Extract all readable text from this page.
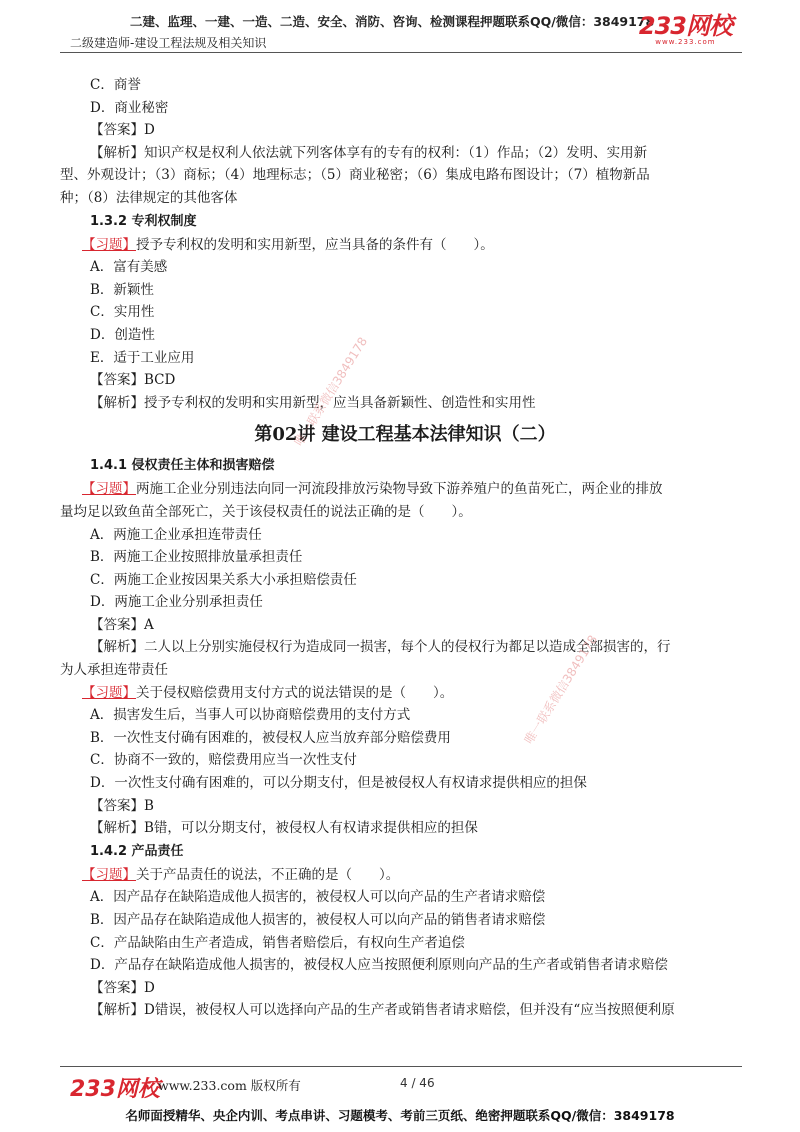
二建、监理、一建、一造、二造、安全、消防、咨询、检测课程押题联系QQ/微信：3849178
二级建造师-建设工程法规及相关知识
233网校
www.233.com
C．商誉
D．商业秘密
【答案】D
【解析】知识产权是权利人依法就下列客体享有的专有的权利：（1）作品；（2）发明、实用新
型、外观设计；（3）商标；（4）地理标志；（5）商业秘密；（6）集成电路布图设计；（7）植物新品
种；（8）法律规定的其他客体
1.3.2 专利权制度
【习题】授予专利权的发明和实用新型，应当具备的条件有（　　）。
A．富有美感
B．新颖性
C．实用性
D．创造性
E．适于工业应用
【答案】BCD
【解析】授予专利权的发明和实用新型，应当具备新颖性、创造性和实用性
第02讲 建设工程基本法律知识（二）
1.4.1 侵权责任主体和损害赔偿
【习题】两施工企业分别违法向同一河流段排放污染物导致下游养殖户的鱼苗死亡，两企业的排放
量均足以致鱼苗全部死亡，关于该侵权责任的说法正确的是（　　）。
A．两施工企业承担连带责任
B．两施工企业按照排放量承担责任
C．两施工企业按因果关系大小承担赔偿责任
D．两施工企业分别承担责任
【答案】A
【解析】二人以上分别实施侵权行为造成同一损害，每个人的侵权行为都足以造成全部损害的，行
为人承担连带责任
【习题】关于侵权赔偿费用支付方式的说法错误的是（　　）。
A．损害发生后，当事人可以协商赔偿费用的支付方式
B．一次性支付确有困难的，被侵权人应当放弃部分赔偿费用
C．协商不一致的，赔偿费用应当一次性支付
D．一次性支付确有困难的，可以分期支付，但是被侵权人有权请求提供相应的担保
【答案】B
【解析】B错，可以分期支付，被侵权人有权请求提供相应的担保
1.4.2 产品责任
【习题】关于产品责任的说法，不正确的是（　　）。
A．因产品存在缺陷造成他人损害的，被侵权人可以向产品的生产者请求赔偿
B．因产品存在缺陷造成他人损害的，被侵权人可以向产品的销售者请求赔偿
C．产品缺陷由生产者造成，销售者赔偿后，有权向生产者追偿
D．产品存在缺陷造成他人损害的，被侵权人应当按照便利原则向产品的生产者或销售者请求赔偿
【答案】D
【解析】D错误，被侵权人可以选择向产品的生产者或销售者请求赔偿，但并没有“应当按照便利原
唯一联系微信3849178
唯一联系微信3849178
233网校
www.233.com 版权所有	4 / 46
名师面授精华、央企内训、考点串讲、习题模考、考前三页纸、绝密押题联系QQ/微信：3849178
